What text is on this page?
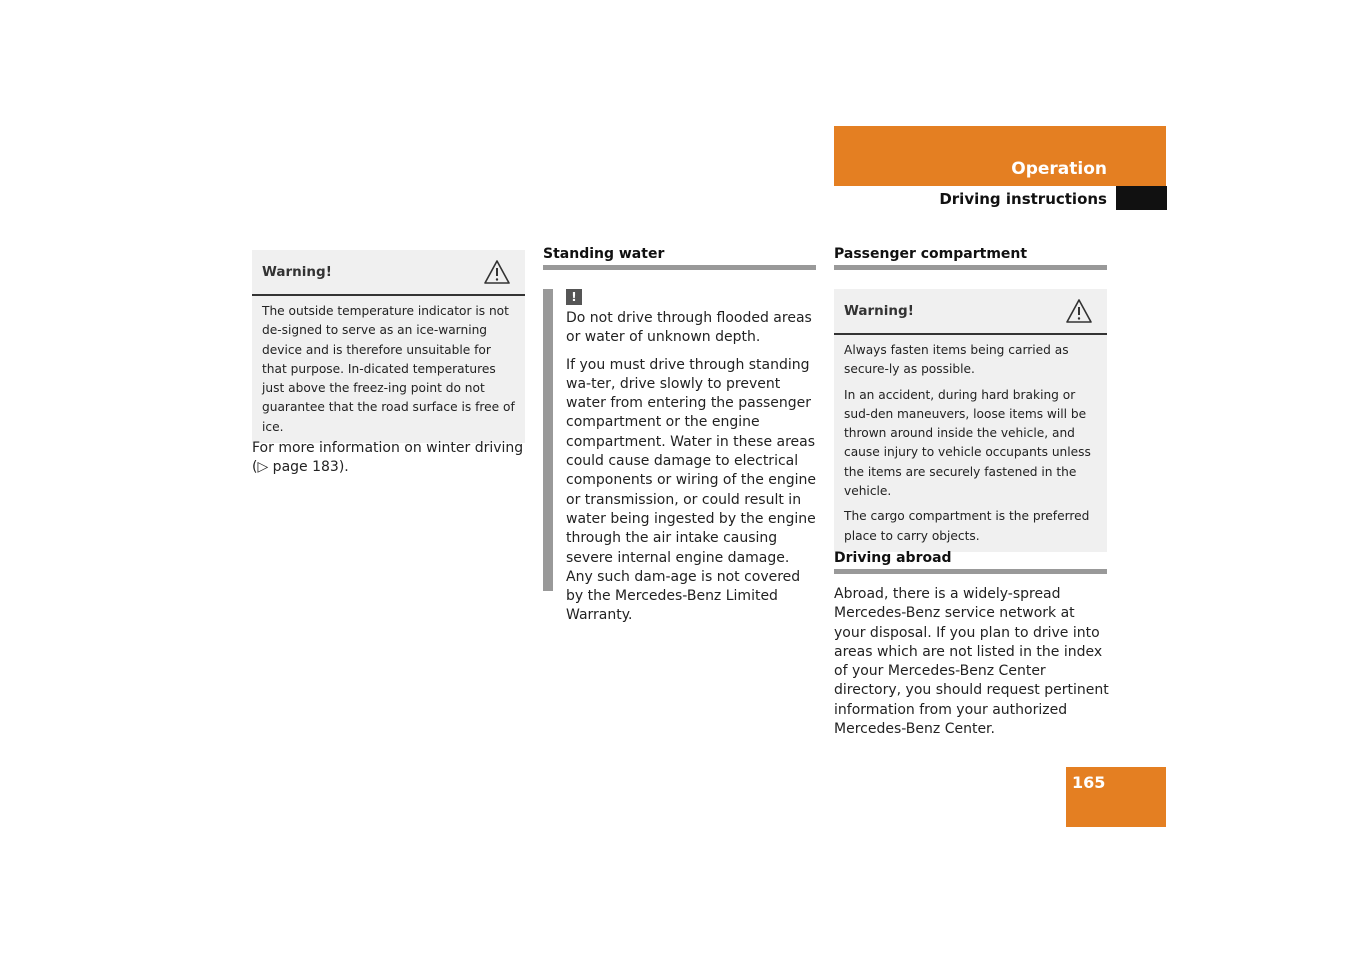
Operation
Driving instructions
Warning!

The outside temperature indicator is not de-signed to serve as an ice-warning device and is therefore unsuitable for that purpose. In-dicated temperatures just above the freez-ing point do not guarantee that the road surface is free of ice.

For more information on winter driving (▷ page 183).

Standing water
!

Do not drive through flooded areas or water of unknown depth.

If you must drive through standing wa-ter, drive slowly to prevent water from entering the passenger compartment or the engine compartment. Water in these areas could cause damage to electrical components or wiring of the engine or transmission, or could result in water being ingested by the engine through the air intake causing severe internal engine damage. Any such dam-age is not covered by the Mercedes-Benz Limited Warranty.

Passenger compartment
Warning!

Always fasten items being carried as secure-ly as possible.

In an accident, during hard braking or sud-den maneuvers, loose items will be thrown around inside the vehicle, and cause injury to vehicle occupants unless the items are securely fastened in the vehicle.

The cargo compartment is the preferred place to carry objects.

Driving abroad

Abroad, there is a widely-spread Mercedes-Benz service network at your disposal. If you plan to drive into areas which are not listed in the index of your Mercedes-Benz Center directory, you should request pertinent information from your authorized Mercedes-Benz Center.

165
